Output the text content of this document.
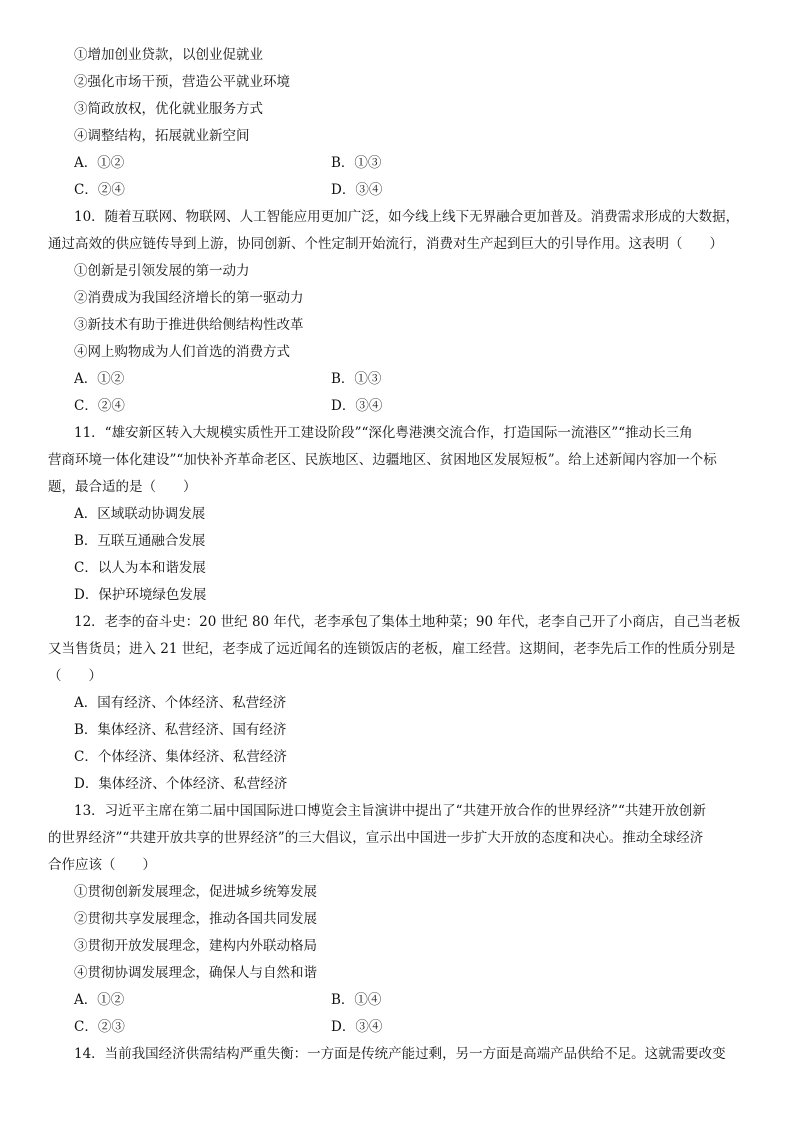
①增加创业贷款，以创业促就业
②强化市场干预，营造公平就业环境
③简政放权，优化就业服务方式
④调整结构，拓展就业新空间
A．①②	B．①③
C．②④	D．③④
10．随着互联网、物联网、人工智能应用更加广泛，如今线上线下无界融合更加普及。消费需求形成的大数据，
通过高效的供应链传导到上游，协同创新、个性定制开始流行，消费对生产起到巨大的引导作用。这表明（　　）
①创新是引领发展的第一动力
②消费成为我国经济增长的第一驱动力
③新技术有助于推进供给侧结构性改革
④网上购物成为人们首选的消费方式
A．①②	B．①③
C．②④	D．③④
11．“雄安新区转入大规模实质性开工建设阶段”“深化粤港澳交流合作，打造国际一流港区”“推动长三角
营商环境一体化建设”“加快补齐革命老区、民族地区、边疆地区、贫困地区发展短板”。给上述新闻内容加一个标
题，最合适的是（　　）
A．区域联动协调发展
B．互联互通融合发展
C．以人为本和谐发展
D．保护环境绿色发展
12．老李的奋斗史：20 世纪 80 年代，老李承包了集体土地种菜；90 年代，老李自己开了小商店，自己当老板
又当售货员；进入 21 世纪，老李成了远近闻名的连锁饭店的老板，雇工经营。这期间，老李先后工作的性质分别是
（　　）
A．国有经济、个体经济、私营经济
B．集体经济、私营经济、国有经济
C．个体经济、集体经济、私营经济
D．集体经济、个体经济、私营经济
13．习近平主席在第二届中国国际进口博览会主旨演讲中提出了“共建开放合作的世界经济”“共建开放创新
的世界经济”“共建开放共享的世界经济”的三大倡议，宣示出中国进一步扩大开放的态度和决心。推动全球经济
合作应该（　　）
①贯彻创新发展理念，促进城乡统筹发展
②贯彻共享发展理念，推动各国共同发展
③贯彻开放发展理念，建构内外联动格局
④贯彻协调发展理念，确保人与自然和谐
A．①②	B．①④
C．②③	D．③④
14．当前我国经济供需结构严重失衡：一方面是传统产能过剩，另一方面是高端产品供给不足。这就需要改变
